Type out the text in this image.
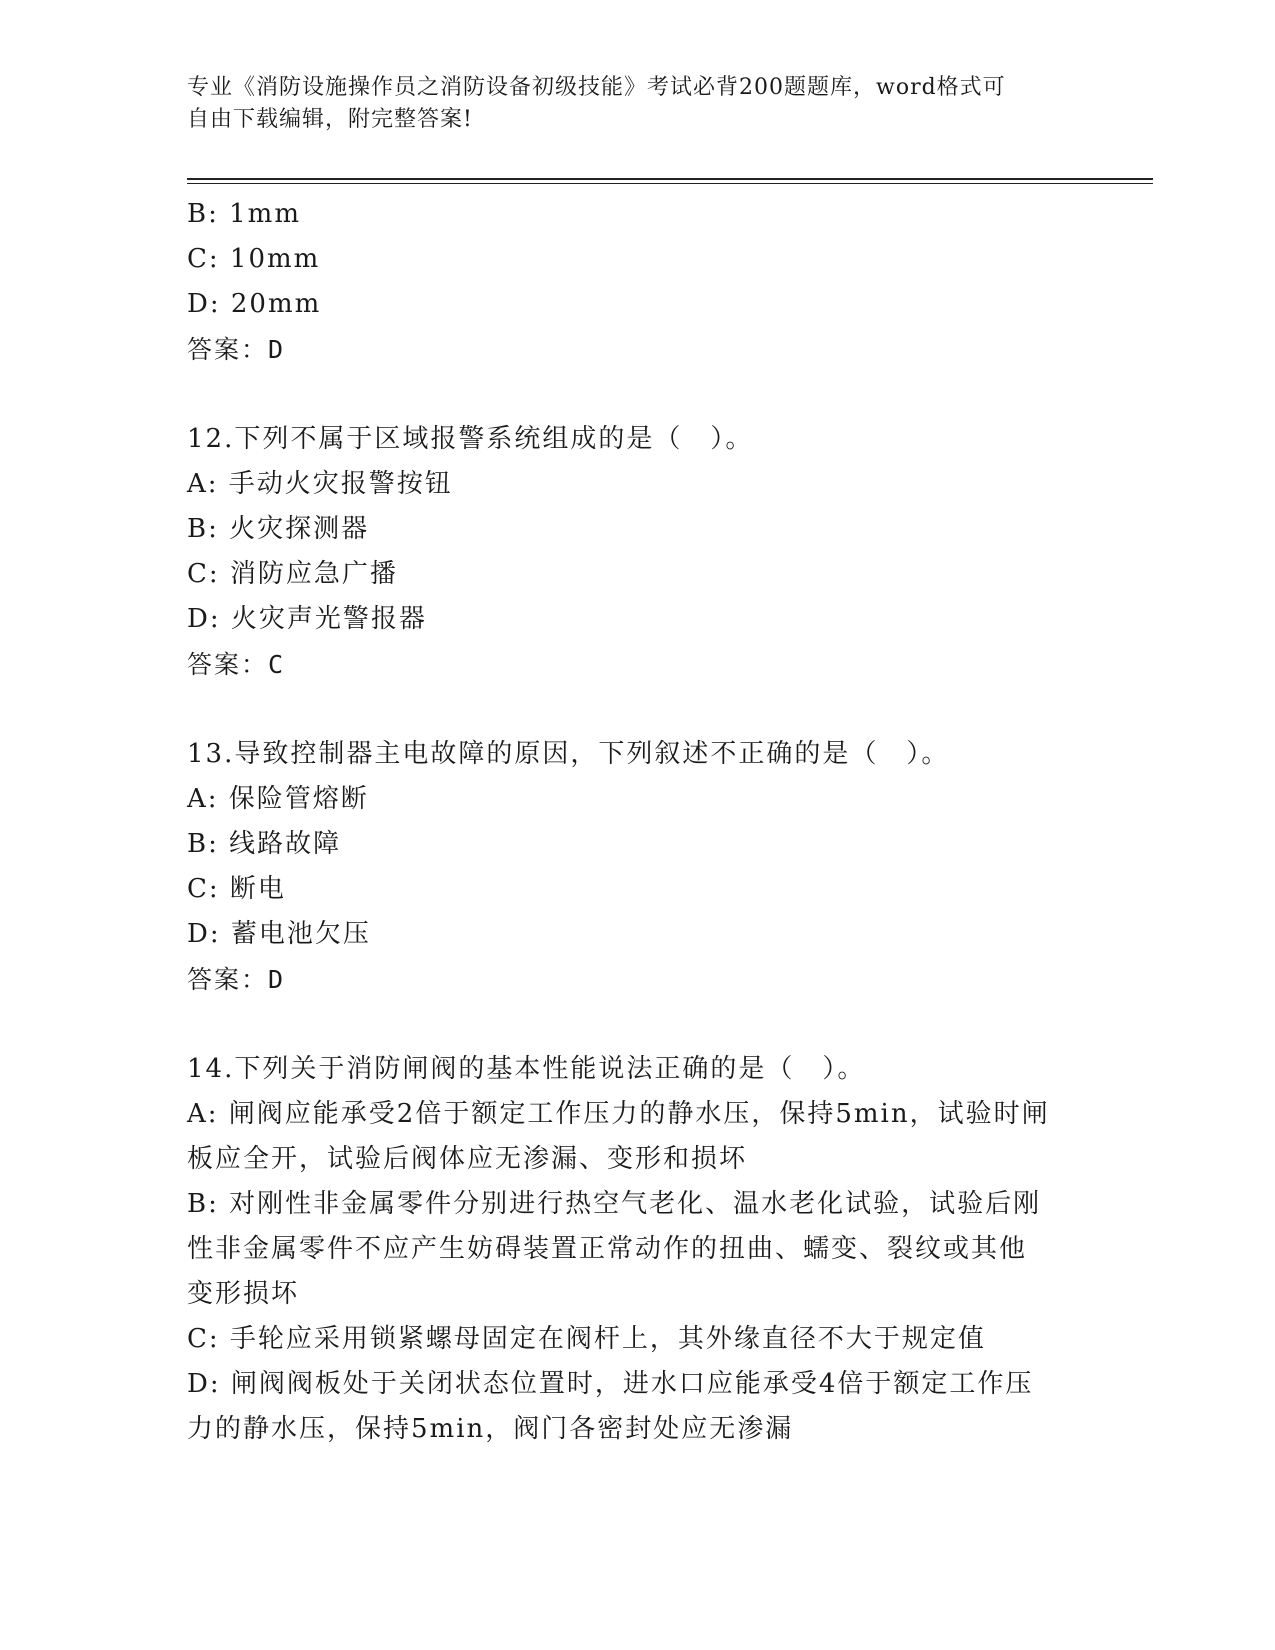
专业《消防设施操作员之消防设备初级技能》考试必背200题题库，word格式可
自由下载编辑，附完整答案!
B: 1mm
C: 10mm
D: 20mm
答案：D
12.下列不属于区域报警系统组成的是（　）。
A: 手动火灾报警按钮
B: 火灾探测器
C: 消防应急广播
D: 火灾声光警报器
答案：C
13.导致控制器主电故障的原因，下列叙述不正确的是（　）。
A: 保险管熔断
B: 线路故障
C: 断电
D: 蓄电池欠压
答案：D
14.下列关于消防闸阀的基本性能说法正确的是（　）。
A: 闸阀应能承受2倍于额定工作压力的静水压，保持5min，试验时闸
板应全开，试验后阀体应无渗漏、变形和损坏
B: 对刚性非金属零件分别进行热空气老化、温水老化试验，试验后刚
性非金属零件不应产生妨碍装置正常动作的扭曲、蠕变、裂纹或其他
变形损坏
C: 手轮应采用锁紧螺母固定在阀杆上，其外缘直径不大于规定值
D: 闸阀阀板处于关闭状态位置时，进水口应能承受4倍于额定工作压
力的静水压，保持5min，阀门各密封处应无渗漏
